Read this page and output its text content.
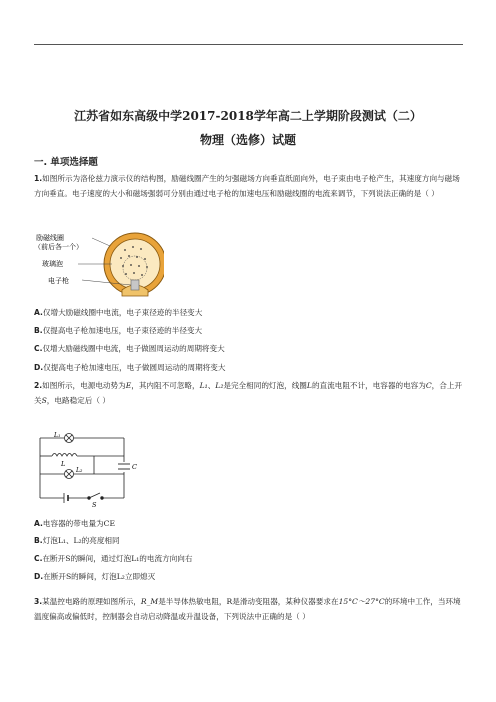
江苏省如东高级中学2017-2018学年高二上学期阶段测试（二）
物理（选修）试题
一. 单项选择题
1.如图所示为洛伦兹力演示仪的结构图，励磁线圈产生的匀强磁场方向垂直纸面向外，电子束由电子枪产生，其速度方向与磁场方向垂直。电子速度的大小和磁场强弱可分别由通过电子枪的加速电压和励磁线圈的电流来调节，下列说法正确的是（ ）
励磁线圈
（前后各一个）
玻璃泡
电子枪
A.仅增大励磁线圈中电流，电子束径迹的半径变大
B.仅提高电子枪加速电压，电子束径迹的半径变大
C.仅增大励磁线圈中电流，电子做圆周运动的周期将变大
D.仅提高电子枪加速电压，电子做圆周运动的周期将变大
2.如图所示，电源电动势为E，其内阻不可忽略，L₁、L₂是完全相同的灯泡，线圈L的直流电阻不计，电容器的电容为C，合上开关S，电路稳定后（ ）
L₁
L
L₂	C
S
A.电容器的带电量为CE
B.灯泡L₁、L₂的亮度相同
C.在断开S的瞬间，通过灯泡L₁的电流方向向右
D.在断开S的瞬间，灯泡L₂立即熄灭
3.某温控电路的原理如图所示，R_M是半导体热敏电阻，R是滑动变阻器，某种仪器要求在15°C～27°C的环境中工作，当环境温度偏高或偏低时，控制器会自动启动降温或升温设备，下列说法中正确的是（ ）
